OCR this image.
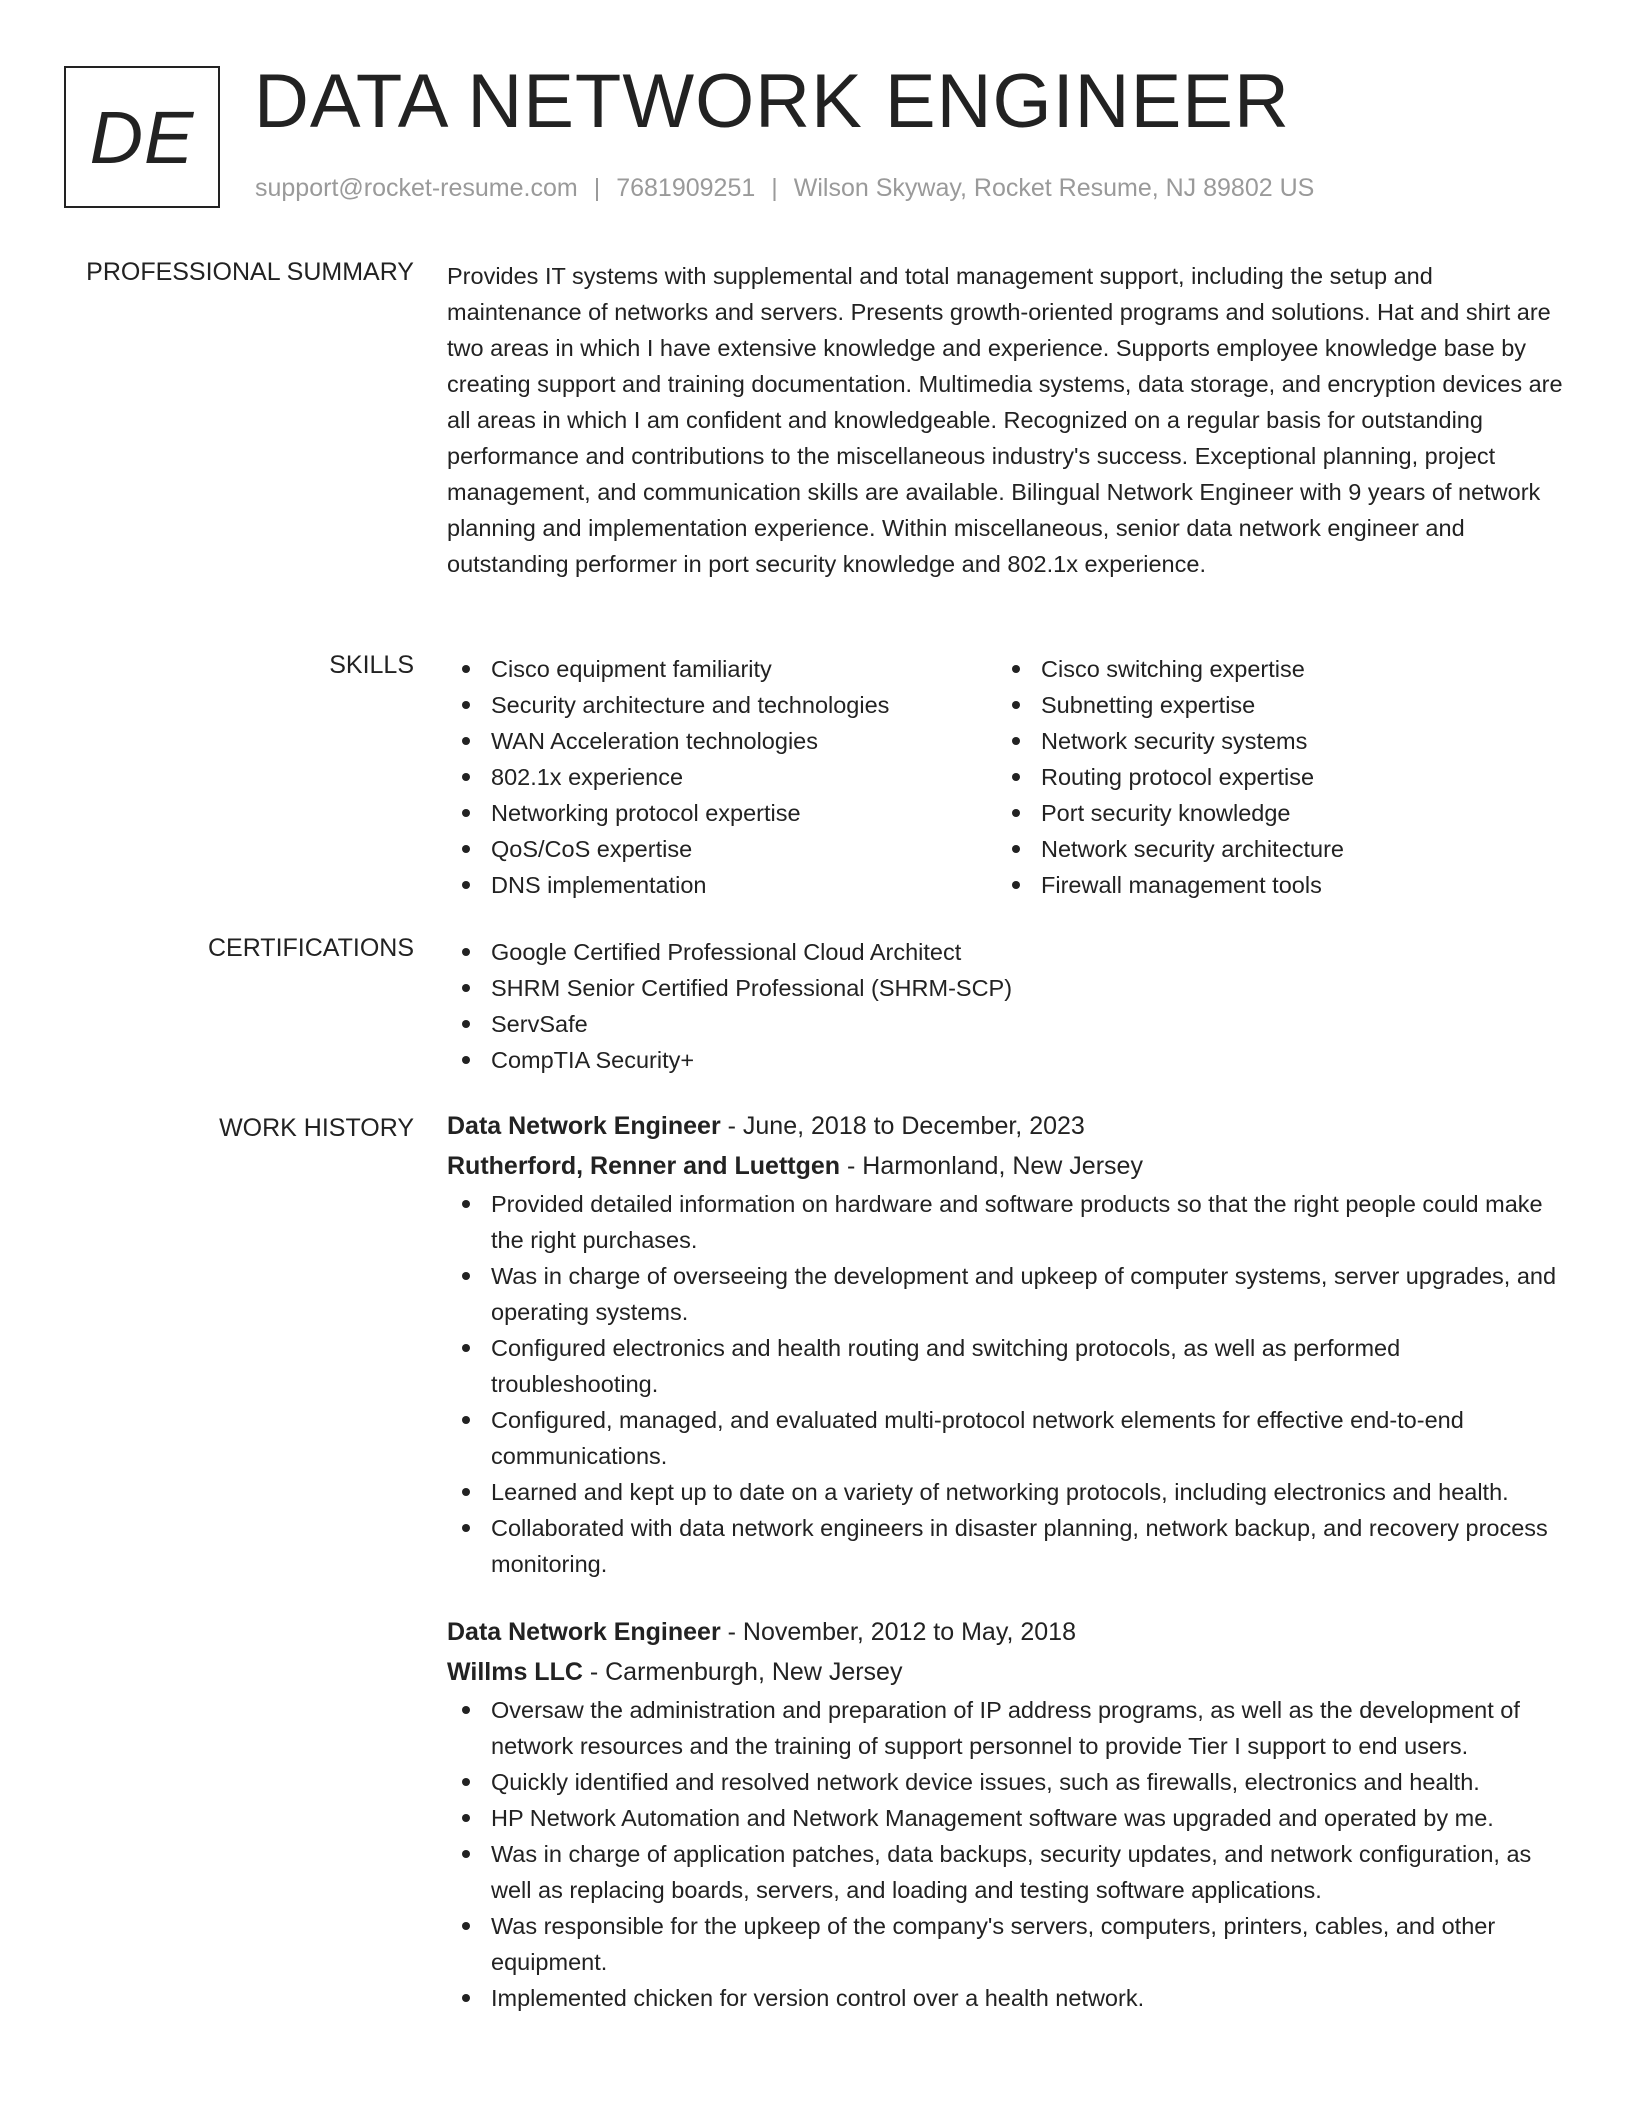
DE DATA NETWORK ENGINEER
support@rocket-resume.com | 7681909251 | Wilson Skyway, Rocket Resume, NJ 89802 US
PROFESSIONAL SUMMARY Provides IT systems with supplemental and total management support, including the setup and maintenance of networks and servers. Presents growth-oriented programs and solutions. Hat and shirt are two areas in which I have extensive knowledge and experience. Supports employee knowledge base by creating support and training documentation. Multimedia systems, data storage, and encryption devices are all areas in which I am confident and knowledgeable. Recognized on a regular basis for outstanding performance and contributions to the miscellaneous industry's success. Exceptional planning, project management, and communication skills are available. Bilingual Network Engineer with 9 years of network planning and implementation experience. Within miscellaneous, senior data network engineer and outstanding performer in port security knowledge and 802.1x experience.

SKILLS	Cisco equipment familiarity
Security architecture and technologies
WAN Acceleration technologies
802.1x experience
Networking protocol expertise
QoS/CoS expertise
DNS implementation
Cisco switching expertise
Subnetting expertise
Network security systems
Routing protocol expertise
Port security knowledge
Network security architecture
Firewall management tools
CERTIFICATIONS	Google Certified Professional Cloud Architect
SHRM Senior Certified Professional (SHRM-SCP)
ServSafe
CompTIA Security+
WORK HISTORY Data Network Engineer - June, 2018 to December, 2023
Rutherford, Renner and Luettgen - Harmonland, New Jersey
Provided detailed information on hardware and software products so that the right people could make the right purchases.
Was in charge of overseeing the development and upkeep of computer systems, server upgrades, and operating systems.
Configured electronics and health routing and switching protocols, as well as performed troubleshooting.
Configured, managed, and evaluated multi-protocol network elements for effective end-to-end communications.
Learned and kept up to date on a variety of networking protocols, including electronics and health.
Collaborated with data network engineers in disaster planning, network backup, and recovery process monitoring.
Data Network Engineer - November, 2012 to May, 2018
Willms LLC - Carmenburgh, New Jersey
Oversaw the administration and preparation of IP address programs, as well as the development of network resources and the training of support personnel to provide Tier I support to end users.
Quickly identified and resolved network device issues, such as firewalls, electronics and health.
HP Network Automation and Network Management software was upgraded and operated by me.
Was in charge of application patches, data backups, security updates, and network configuration, as well as replacing boards, servers, and loading and testing software applications.
Was responsible for the upkeep of the company's servers, computers, printers, cables, and other equipment.
Implemented chicken for version control over a health network.
